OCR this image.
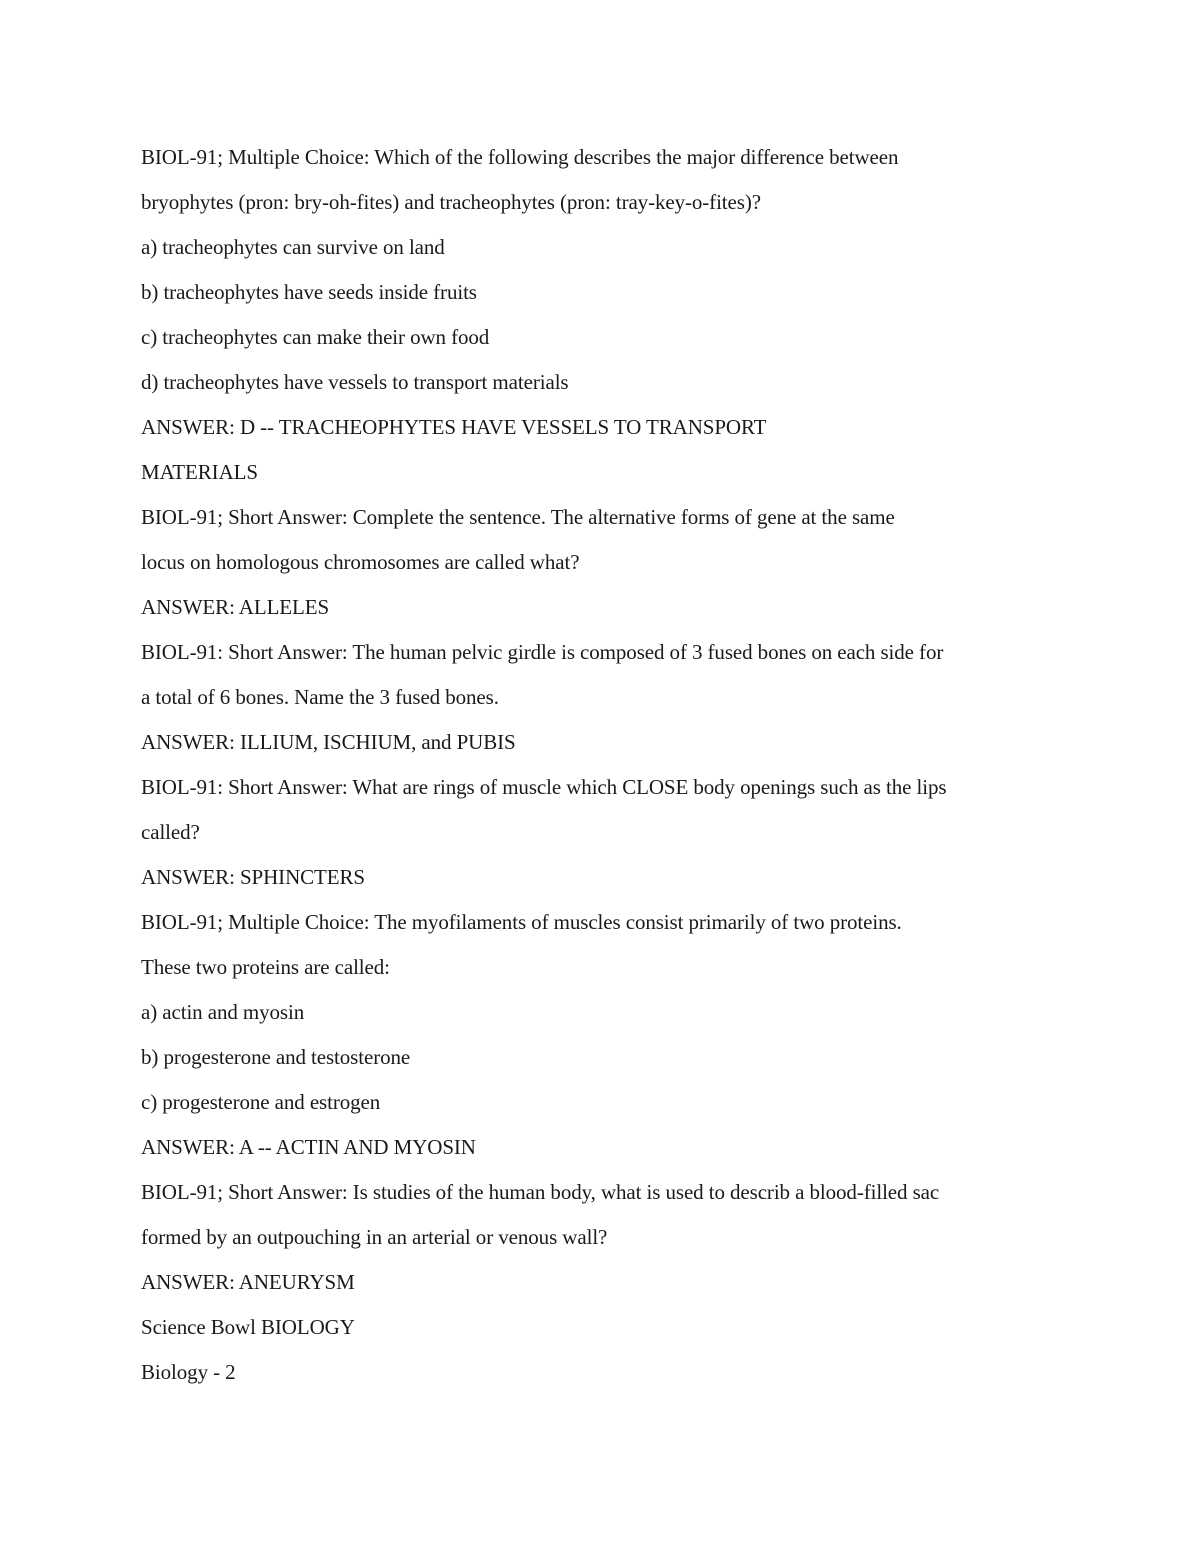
BIOL-91; Multiple Choice: Which of the following describes the major difference between
bryophytes (pron: bry-oh-fites) and tracheophytes (pron: tray-key-o-fites)?
a) tracheophytes can survive on land
b) tracheophytes have seeds inside fruits
c) tracheophytes can make their own food
d) tracheophytes have vessels to transport materials
ANSWER: D -- TRACHEOPHYTES HAVE VESSELS TO TRANSPORT
MATERIALS
BIOL-91; Short Answer: Complete the sentence. The alternative forms of gene at the same
locus on homologous chromosomes are called what?
ANSWER: ALLELES
BIOL-91: Short Answer: The human pelvic girdle is composed of 3 fused bones on each side for
a total of 6 bones. Name the 3 fused bones.
ANSWER: ILLIUM, ISCHIUM, and PUBIS
BIOL-91: Short Answer: What are rings of muscle which CLOSE body openings such as the lips
called?
ANSWER: SPHINCTERS
BIOL-91; Multiple Choice: The myofilaments of muscles consist primarily of two proteins.
These two proteins are called:
a) actin and myosin
b) progesterone and testosterone
c) progesterone and estrogen
ANSWER: A -- ACTIN AND MYOSIN
BIOL-91; Short Answer: Is studies of the human body, what is used to describ a blood-filled sac
formed by an outpouching in an arterial or venous wall?
ANSWER: ANEURYSM
Science Bowl BIOLOGY
Biology - 2
